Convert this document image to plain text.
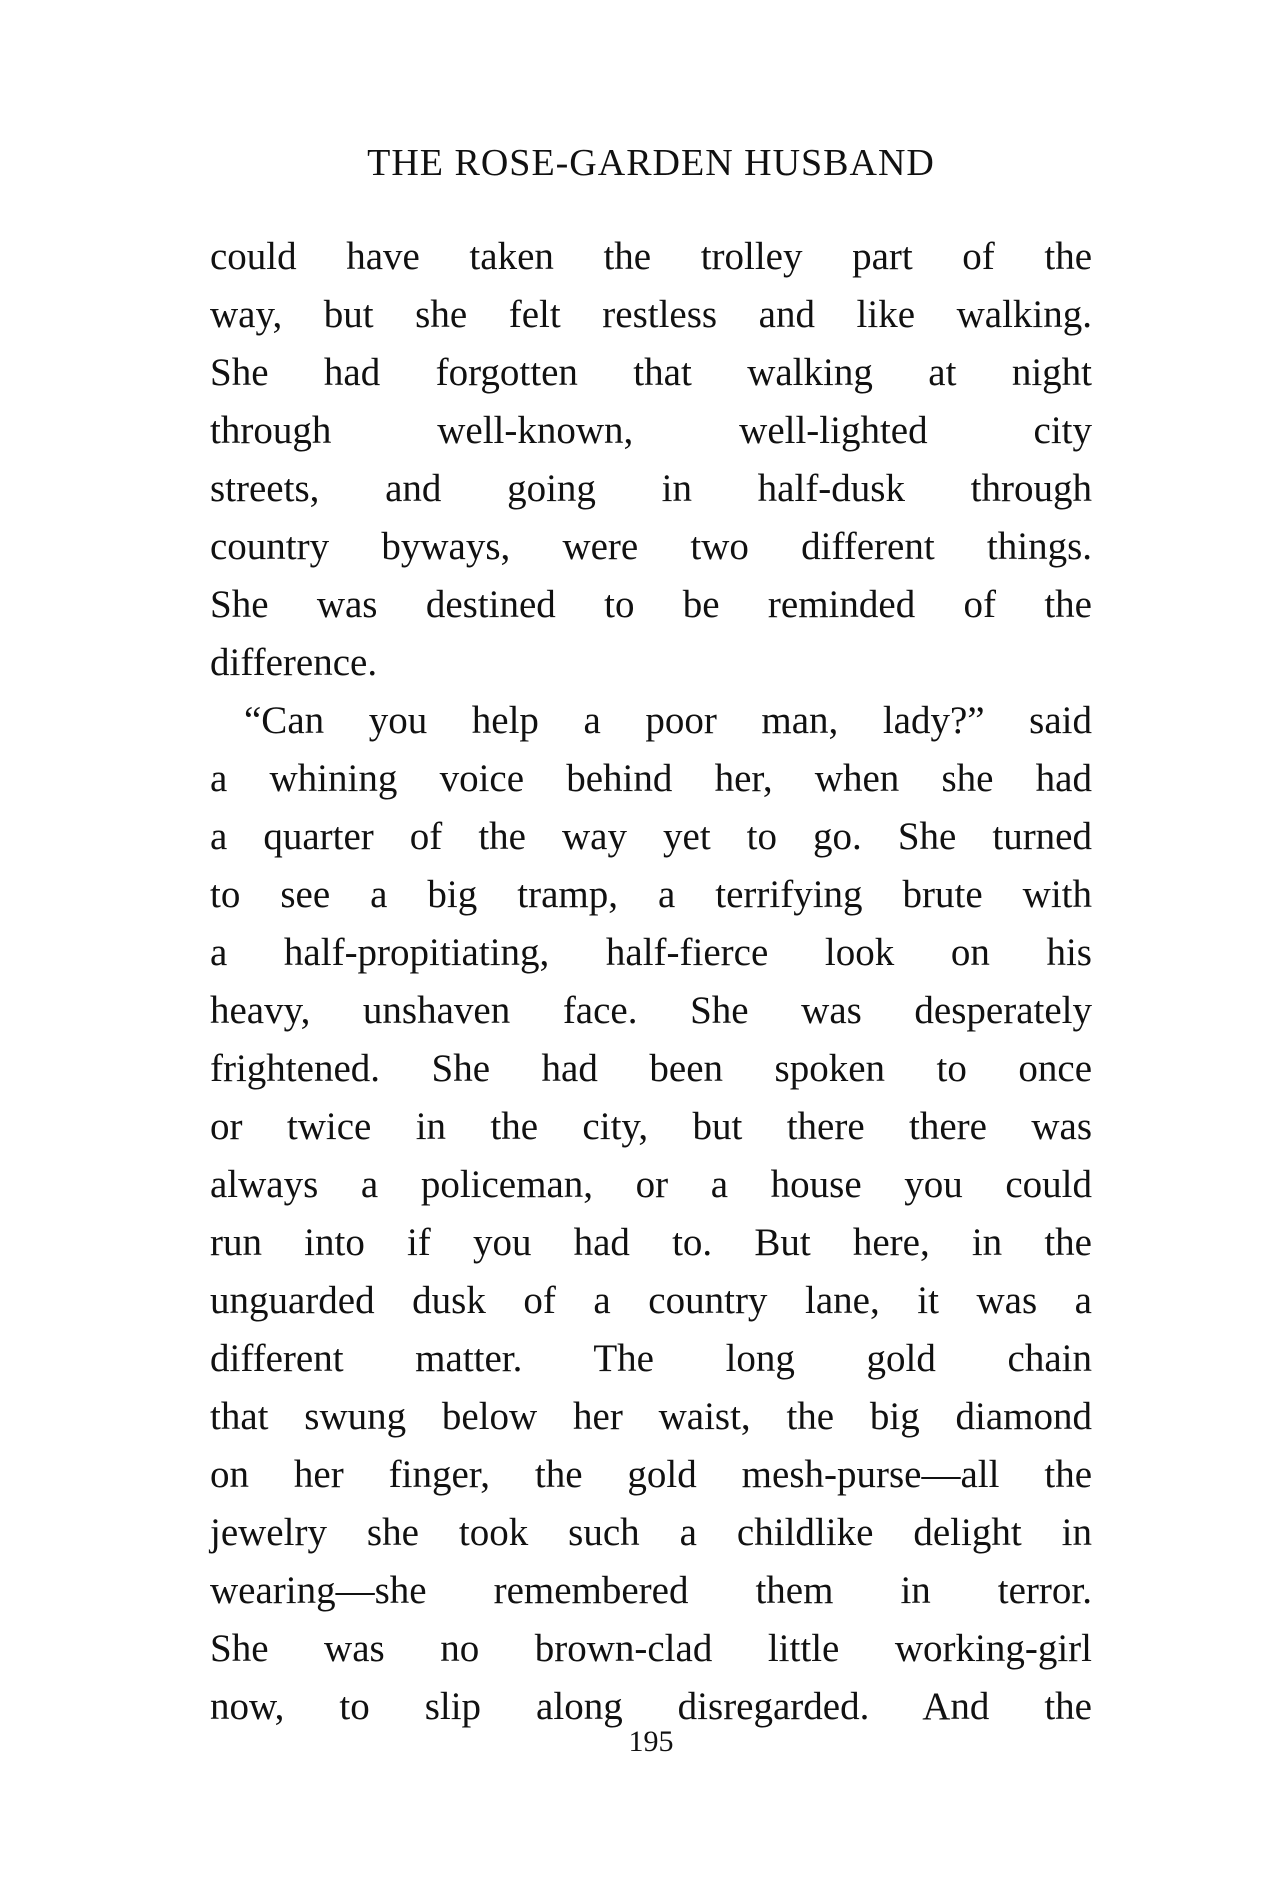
THE ROSE-GARDEN HUSBAND
could have taken the trolley part of the
way, but she felt restless and like walking.
She had forgotten that walking at night
through well-known, well-lighted city
streets, and going in half-dusk through
country byways, were two different things.
She was destined to be reminded of the
difference.
“Can you help a poor man, lady?” said
a whining voice behind her, when she had
a quarter of the way yet to go. She turned
to see a big tramp, a terrifying brute with
a half-propitiating, half-fierce look on his
heavy, unshaven face. She was desperately
frightened. She had been spoken to once
or twice in the city, but there there was
always a policeman, or a house you could
run into if you had to. But here, in the
unguarded dusk of a country lane, it was a
different matter. The long gold chain
that swung below her waist, the big diamond
on her finger, the gold mesh-purse—all the
jewelry she took such a childlike delight in
wearing—she remembered them in terror.
She was no brown-clad little working-girl
now, to slip along disregarded. And the
195
